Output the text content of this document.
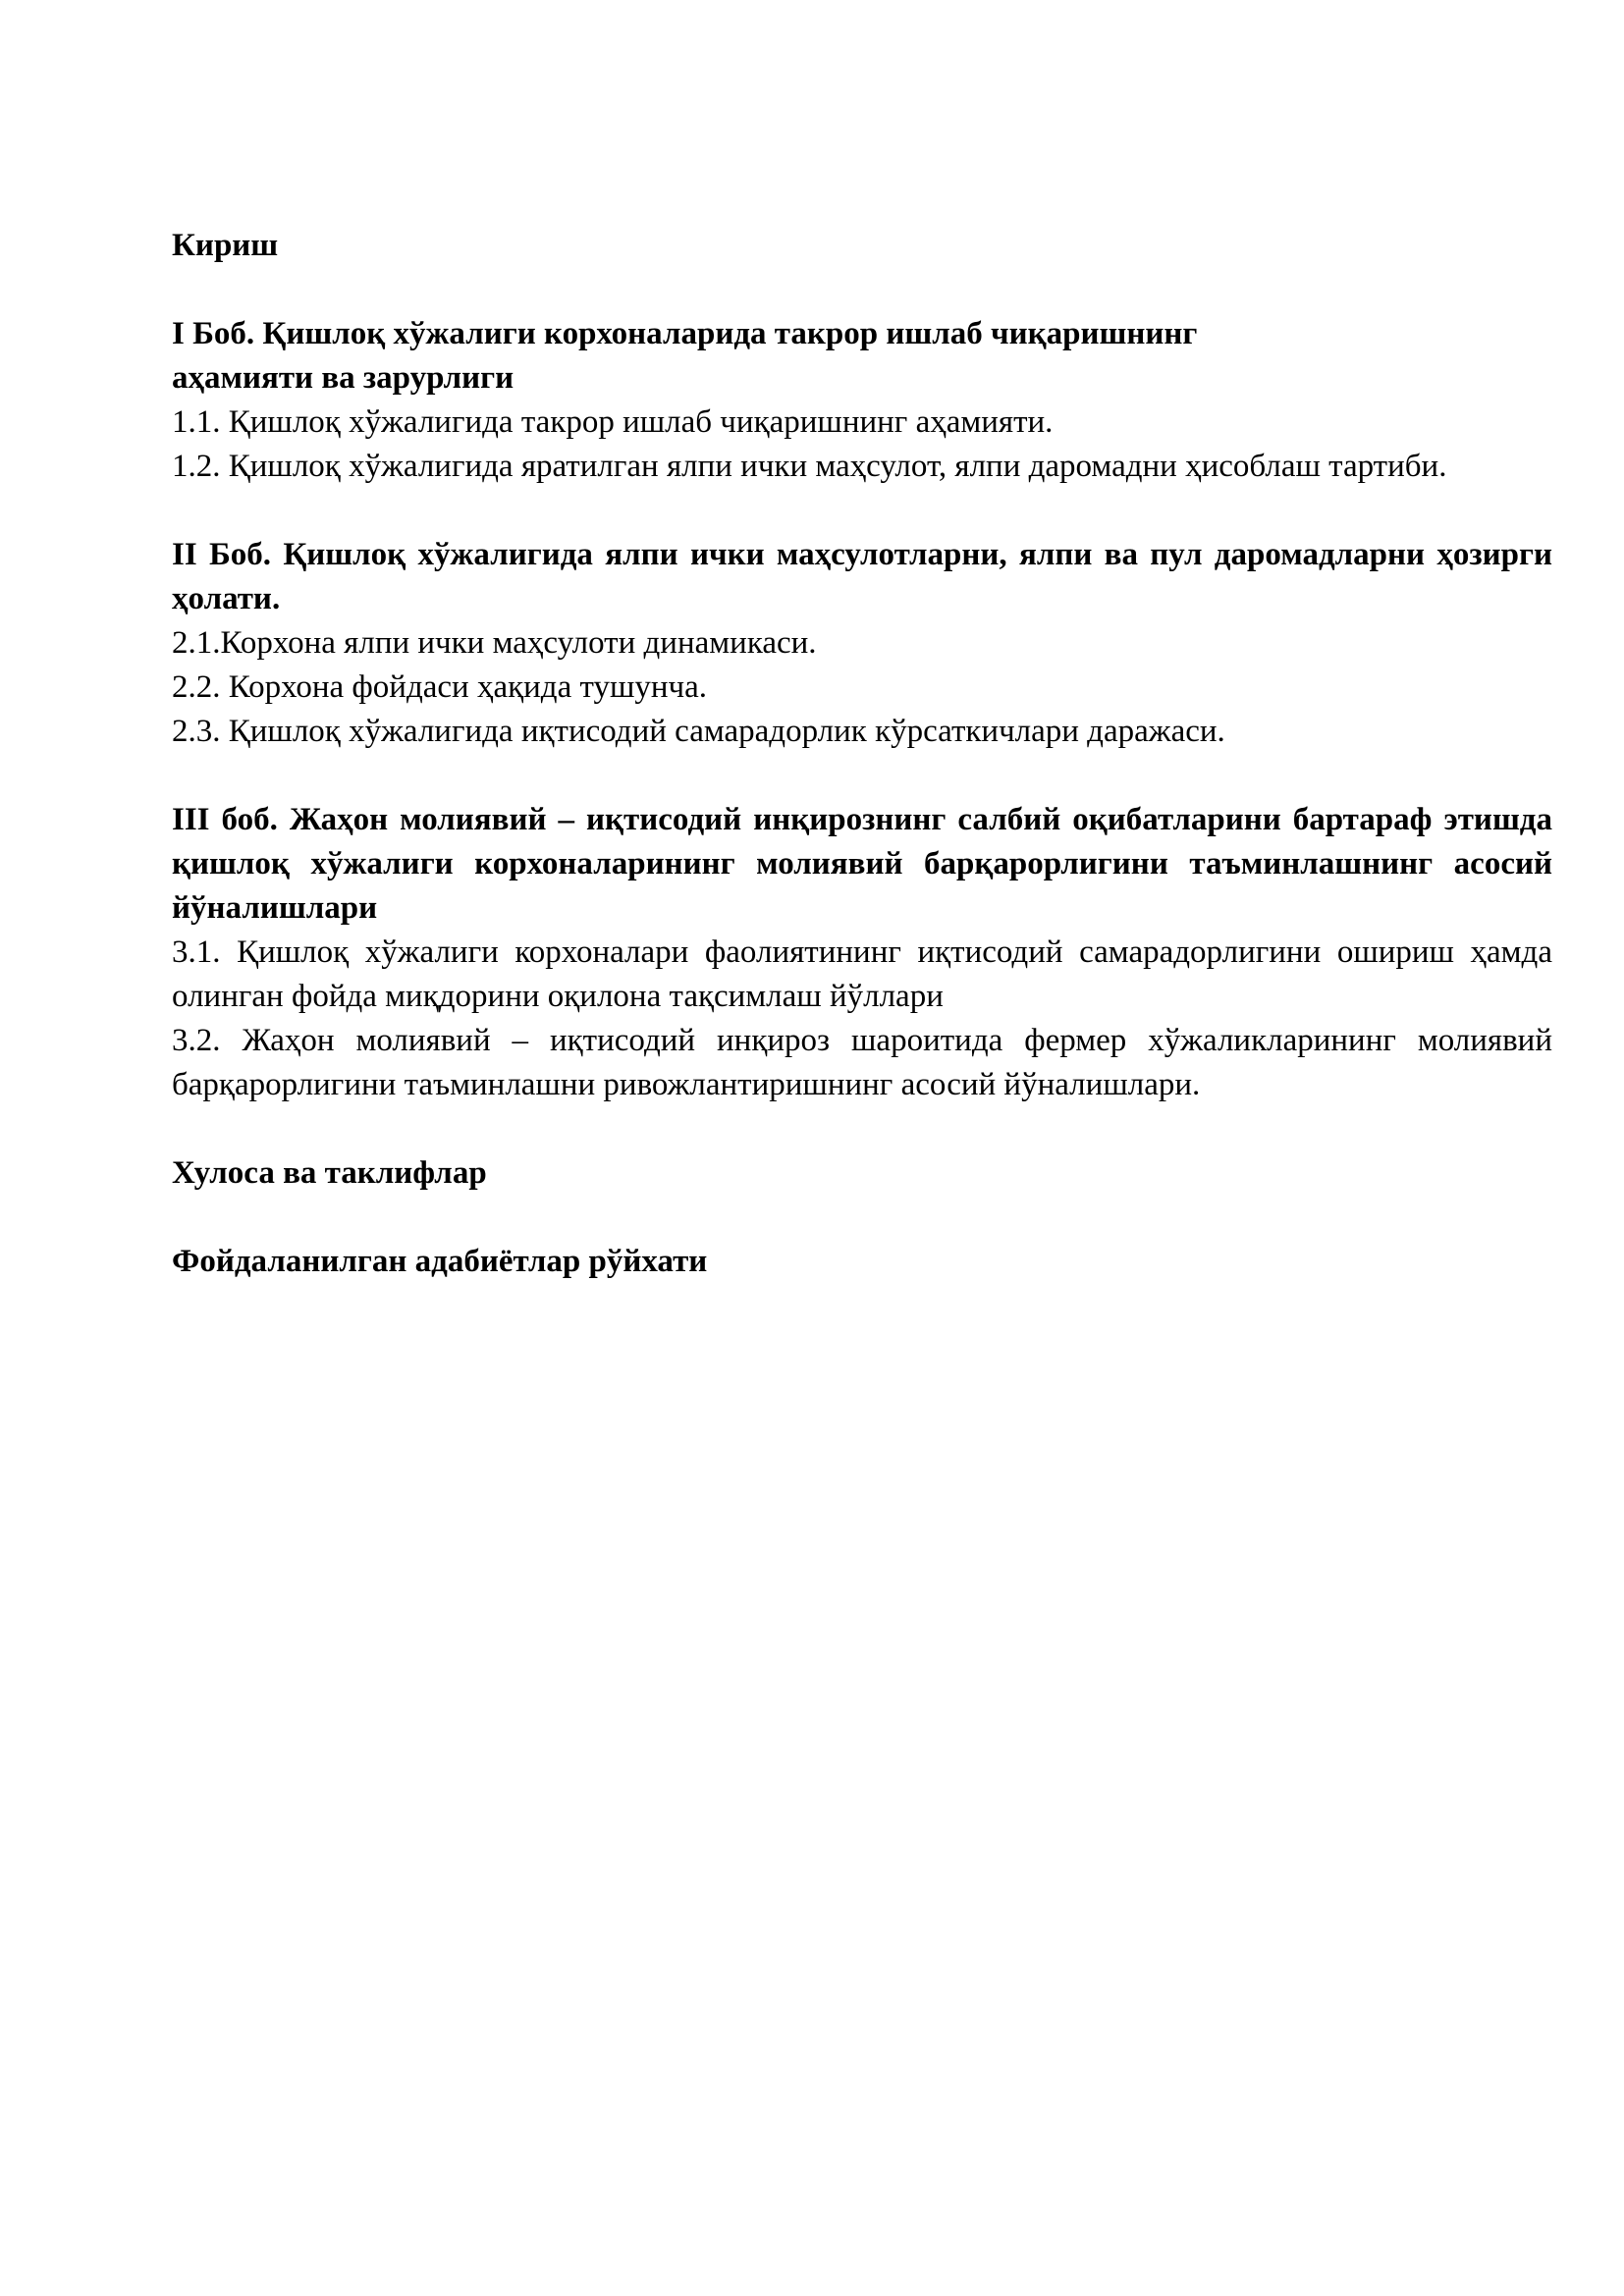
Кириш

I Боб. Қишлоқ хўжалиги корхоналарида такрор ишлаб чиқаришнинг

аҳамияти ва зарурлиги

1.1. Қишлоқ хўжалигида такрор ишлаб чиқаришнинг аҳамияти.

1.2. Қишлоқ хўжалигида яратилган ялпи ички маҳсулот, ялпи даромадни ҳисоблаш тартиби.

II Боб. Қишлоқ хўжалигида ялпи ички маҳсулотларни, ялпи ва пул даромадларни ҳозирги ҳолати.

2.1.Корхона ялпи ички маҳсулоти динамикаси.

2.2. Корхона фойдаси ҳақида тушунча.

2.3. Қишлоқ хўжалигида иқтисодий самарадорлик кўрсаткичлари даражаси.

III боб. Жаҳон молиявий – иқтисодий инқирознинг салбий оқибатларини бартараф этишда қишлоқ хўжалиги корхоналарининг молиявий барқарорлигини таъминлашнинг асосий йўналишлари

3.1. Қишлоқ хўжалиги корхоналари фаолиятининг иқтисодий самарадорлигини ошириш ҳамда олинган фойда миқдорини оқилона тақсимлаш йўллари

3.2. Жаҳон молиявий – иқтисодий инқироз шароитида фермер хўжаликларининг молиявий барқарорлигини таъминлашни ривожлантиришнинг асосий йўналишлари.

Хулоса ва таклифлар

Фойдаланилган адабиётлар рўйхати
